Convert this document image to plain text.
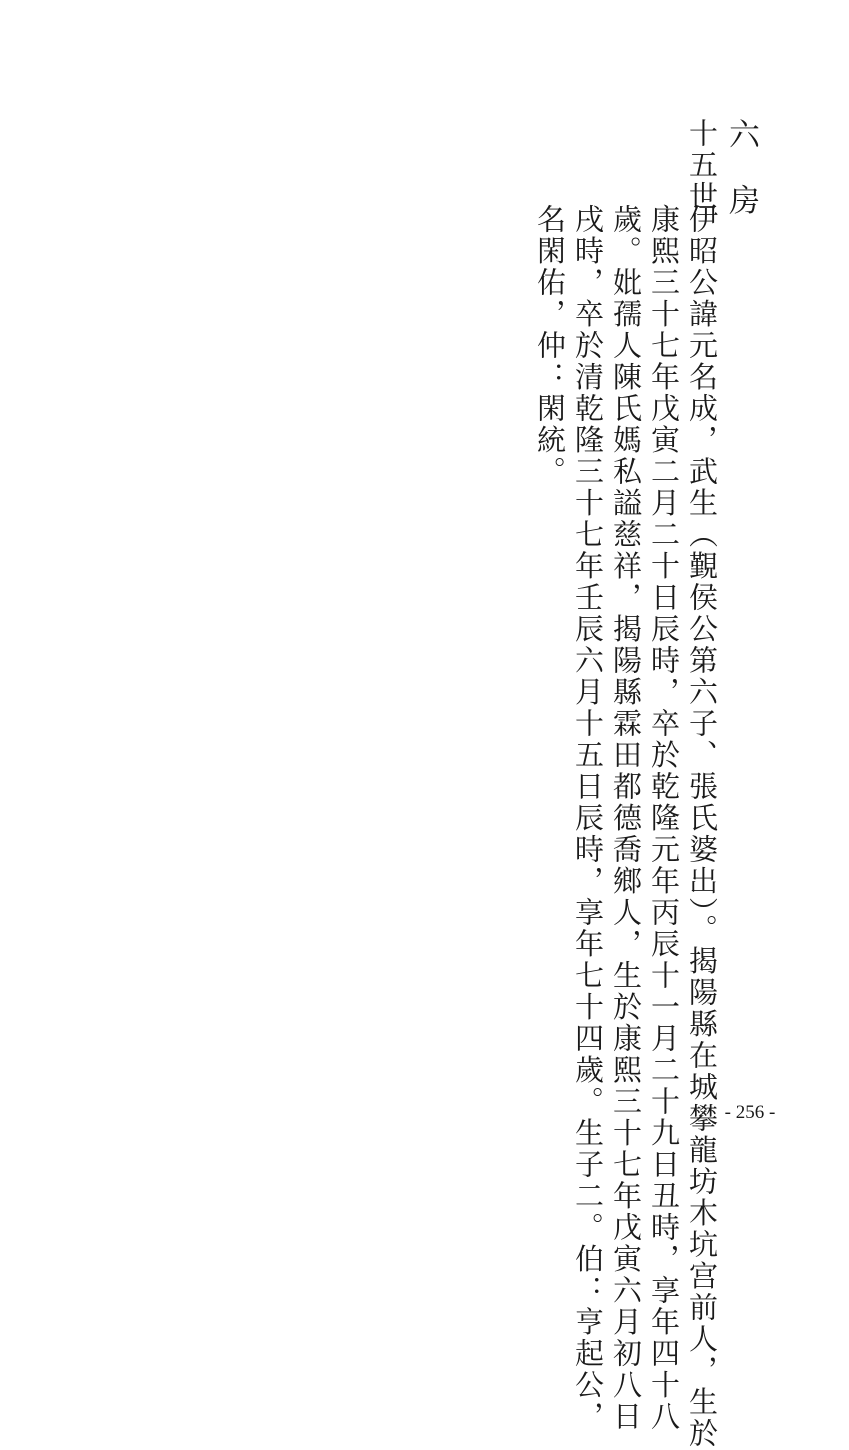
六　房
十五世
伊昭公諱元名成，武生（覲侯公第六子、張氏婆出）。揭陽縣在城攀龍坊木坑宫前人，生於
康熙三十七年戊寅二月二十日辰時，卒於乾隆元年丙辰十一月二十九日丑時，享年四十八
歲。妣孺人陳氏媽私謚慈祥，揭陽縣霖田都德喬鄉人，生於康熙三十七年戊寅六月初八日
戌時，卒於清乾隆三十七年壬辰六月十五日辰時，享年七十四歲。生子二。伯：亨起公，
名閑佑，仲：閑統。
- 256 -
